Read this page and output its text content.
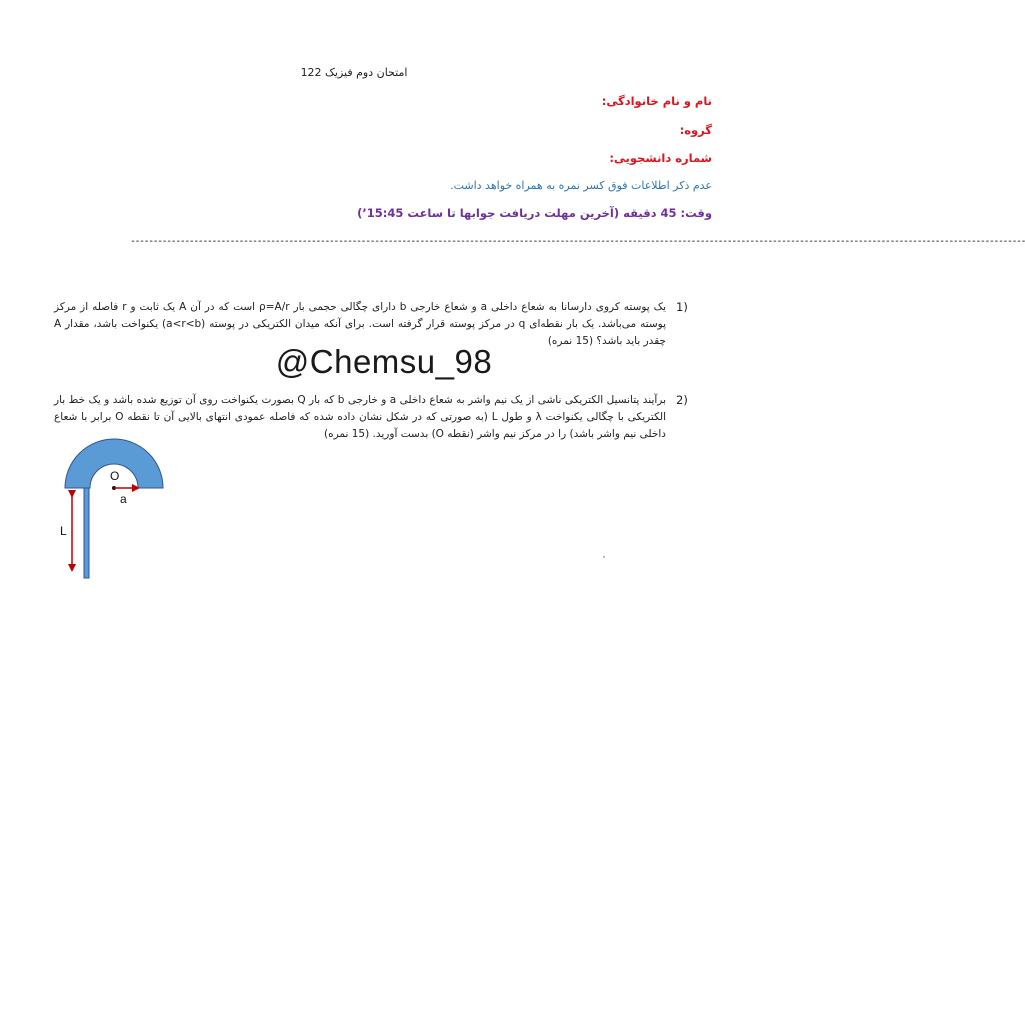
امتحان دوم فیزیک 122
نام و نام خانوادگی:
گروه:
شماره دانشجویی:
عدم ذکر اطلاعات فوق کسر نمره به همراه خواهد داشت.
وقت: 45 دقیقه (آخرین مهلت دریافت جوابها تا ساعت 15:45’)
------------------------------------------------------------------------------------------------------------------------------------------------------------------------------------------------------
1)
یک پوسته کروی دارسانا به شعاع داخلی a و شعاع خارجی b دارای چگالی حجمی بار ρ=A/r است که در آن A یک ثابت و r فاصله از مرکز پوسته می‌باشد. یک بار نقطه‌ای q در مرکز پوسته قرار گرفته است. برای آنکه میدان الکتریکی در پوسته (a<r<b) یکنواخت باشد، مقدار A چقدر باید باشد؟ (15 نمره)
@Chemsu_98
2)
برآیند پتانسیل الکتریکی ناشی از یک نیم واشر به شعاع داخلی a و خارجی b که بار Q بصورت یکنواخت روی آن توزیع شده باشد و یک خط بار الکتریکی با چگالی یکنواخت λ و طول L (به صورتی که در شکل نشان داده شده که فاصله عمودی انتهای بالایی آن تا نقطه O برابر با شعاع داخلی نیم واشر باشد) را در مرکز نیم واشر (نقطه O) بدست آورید. (15 نمره)
O
a
L
